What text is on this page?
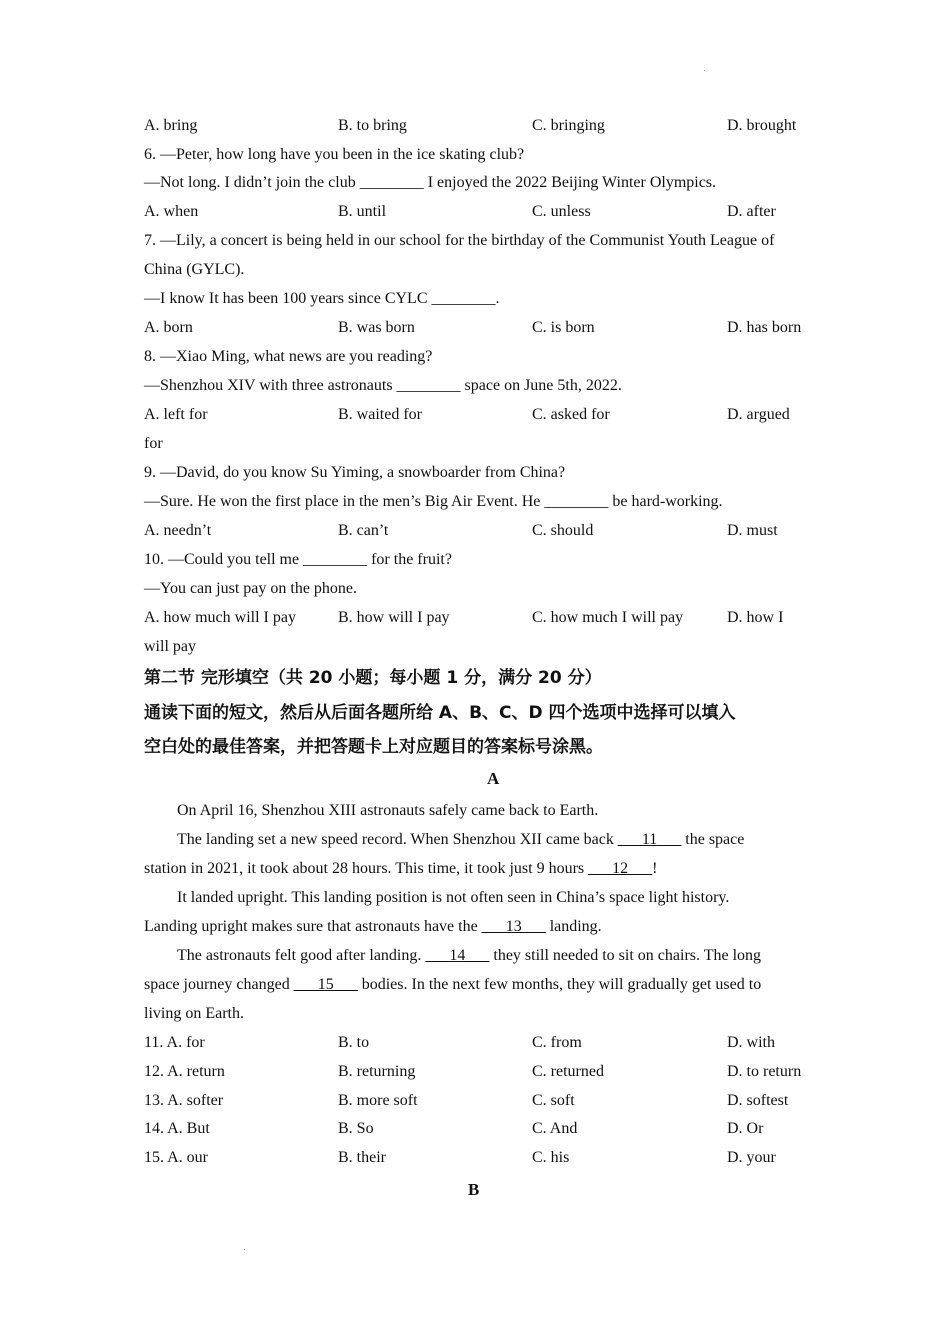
A. bring	B. to bring	C. bringing	D. brought
6. —Peter, how long have you been in the ice skating club?
—Not long. I didn’t join the club ________ I enjoyed the 2022 Beijing Winter Olympics.
A. when	B. until	C. unless	D. after
7. —Lily, a concert is being held in our school for the birthday of the Communist Youth League of
China (GYLC).
—I know It has been 100 years since CYLC ________.
A. born	B. was born	C. is born	D. has born
8. —Xiao Ming, what news are you reading?
—Shenzhou XIV with three astronauts ________ space on June 5th, 2022.
A. left for	B. waited for	C. asked for	D. argued
for
9. —David, do you know Su Yiming, a snowboarder from China?
—Sure. He won the first place in the men’s Big Air Event. He ________ be hard-working.
A. needn’t	B. can’t	C. should	D. must
10. —Could you tell me ________ for the fruit?
—You can just pay on the phone.
A. how much will I pay	B. how will I pay	C. how much I will pay	D. how I
will pay
第二节 完形填空（共 20 小题；每小题 1 分，满分 20 分）
通读下面的短文，然后从后面各题所给 A、B、C、D 四个选项中选择可以填入
空白处的最佳答案，并把答题卡上对应题目的答案标号涂黑。
A
On April 16, Shenzhou XIII astronauts safely came back to Earth.
The landing set a new speed record. When Shenzhou XII came back ___11___ the space
station in 2021, it took about 28 hours. This time, it took just 9 hours ___12___!
It landed upright. This landing position is not often seen in China’s space light history.
Landing upright makes sure that astronauts have the ___13___ landing.
The astronauts felt good after landing. ___14___ they still needed to sit on chairs. The long
space journey changed ___15___ bodies. In the next few months, they will gradually get used to
living on Earth.
11. A. for	B. to	C. from	D. with
12. A. return	B. returning	C. returned	D. to return
13. A. softer	B. more soft	C. soft	D. softest
14. A. But	B. So	C. And	D. Or
15. A. our	B. their	C. his	D. your
B
